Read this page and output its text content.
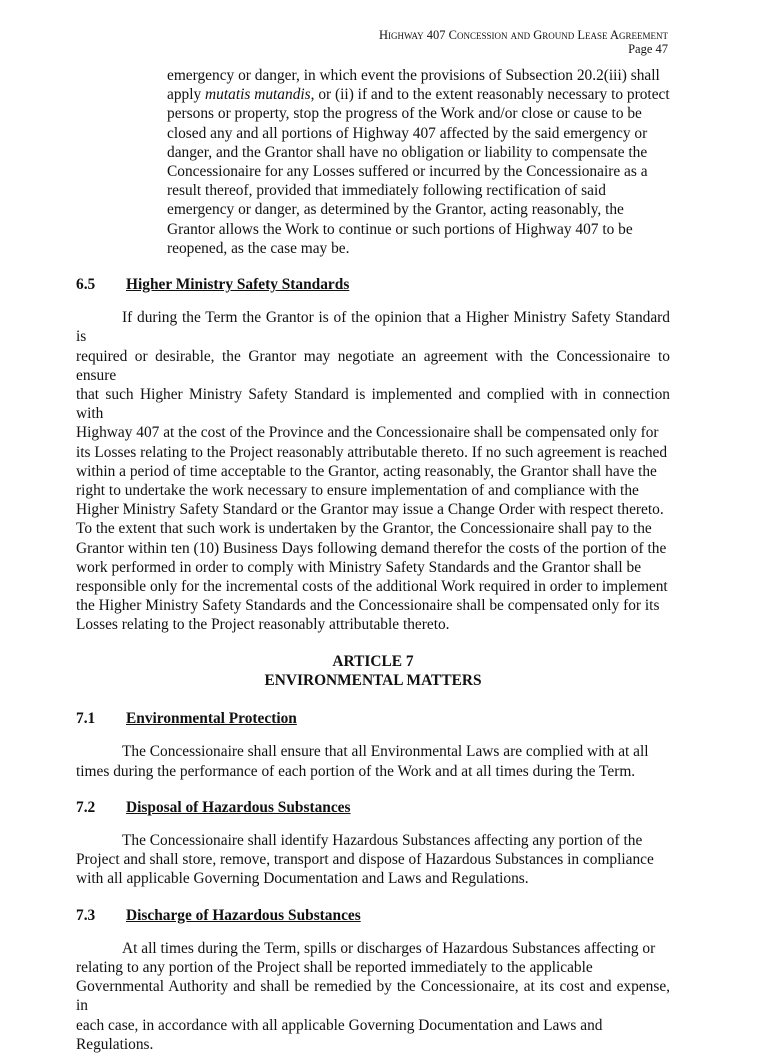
Highway 407 Concession and Ground Lease Agreement
Page 47

emergency or danger, in which event the provisions of Subsection 20.2(iii) shall

apply mutatis mutandis, or (ii) if and to the extent reasonably necessary to protect

persons or property, stop the progress of the Work and/or close or cause to be

closed any and all portions of Highway 407 affected by the said emergency or

danger, and the Grantor shall have no obligation or liability to compensate the

Concessionaire for any Losses suffered or incurred by the Concessionaire as a

result thereof, provided that immediately following rectification of said

emergency or danger, as determined by the Grantor, acting reasonably, the

Grantor allows the Work to continue or such portions of Highway 407 to be

reopened, as the case may be.

6.5	Higher Ministry Safety Standards

If during the Term the Grantor is of the opinion that a Higher Ministry Safety Standard is

required or desirable, the Grantor may negotiate an agreement with the Concessionaire to ensure

that such Higher Ministry Safety Standard is implemented and complied with in connection with

Highway 407 at the cost of the Province and the Concessionaire shall be compensated only for

its Losses relating to the Project reasonably attributable thereto. If no such agreement is reached

within a period of time acceptable to the Grantor, acting reasonably, the Grantor shall have the

right to undertake the work necessary to ensure implementation of and compliance with the

Higher Ministry Safety Standard or the Grantor may issue a Change Order with respect thereto.

To the extent that such work is undertaken by the Grantor, the Concessionaire shall pay to the

Grantor within ten (10) Business Days following demand therefor the costs of the portion of the

work performed in order to comply with Ministry Safety Standards and the Grantor shall be

responsible only for the incremental costs of the additional Work required in order to implement

the Higher Ministry Safety Standards and the Concessionaire shall be compensated only for its

Losses relating to the Project reasonably attributable thereto.

ARTICLE 7
ENVIRONMENTAL MATTERS
7.1	Environmental Protection

The Concessionaire shall ensure that all Environmental Laws are complied with at all

times during the performance of each portion of the Work and at all times during the Term.

7.2	Disposal of Hazardous Substances

The Concessionaire shall identify Hazardous Substances affecting any portion of the

Project and shall store, remove, transport and dispose of Hazardous Substances in compliance

with all applicable Governing Documentation and Laws and Regulations.

7.3	Discharge of Hazardous Substances

At all times during the Term, spills or discharges of Hazardous Substances affecting or

relating to any portion of the Project shall be reported immediately to the applicable

Governmental Authority and shall be remedied by the Concessionaire, at its cost and expense, in

each case, in accordance with all applicable Governing Documentation and Laws and

Regulations.
